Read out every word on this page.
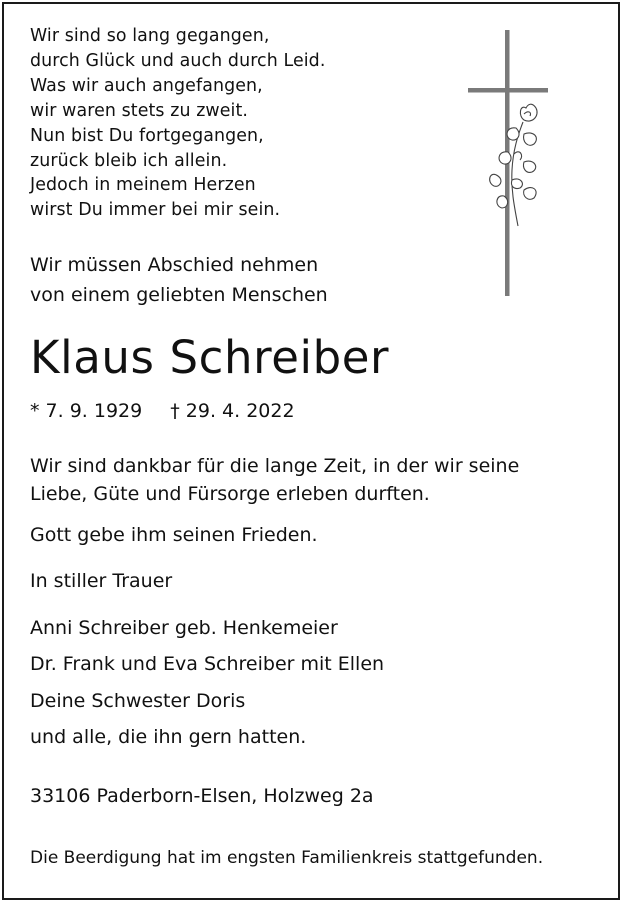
Wir sind so lang gegangen,
durch Glück und auch durch Leid.
Was wir auch angefangen,
wir waren stets zu zweit.
Nun bist Du fortgegangen,
zurück bleib ich allein.
Jedoch in meinem Herzen
wirst Du immer bei mir sein.
Wir müssen Abschied nehmen
von einem geliebten Menschen
Klaus Schreiber
* 7. 9. 1929 † 29. 4. 2022
Wir sind dankbar für die lange Zeit, in der wir seine
Liebe, Güte und Fürsorge erleben durften.
Gott gebe ihm seinen Frieden.
In stiller Trauer
Anni Schreiber geb. Henkemeier
Dr. Frank und Eva Schreiber mit Ellen
Deine Schwester Doris
und alle, die ihn gern hatten.
33106 Paderborn-Elsen, Holzweg 2a
Die Beerdigung hat im engsten Familienkreis stattgefunden.
